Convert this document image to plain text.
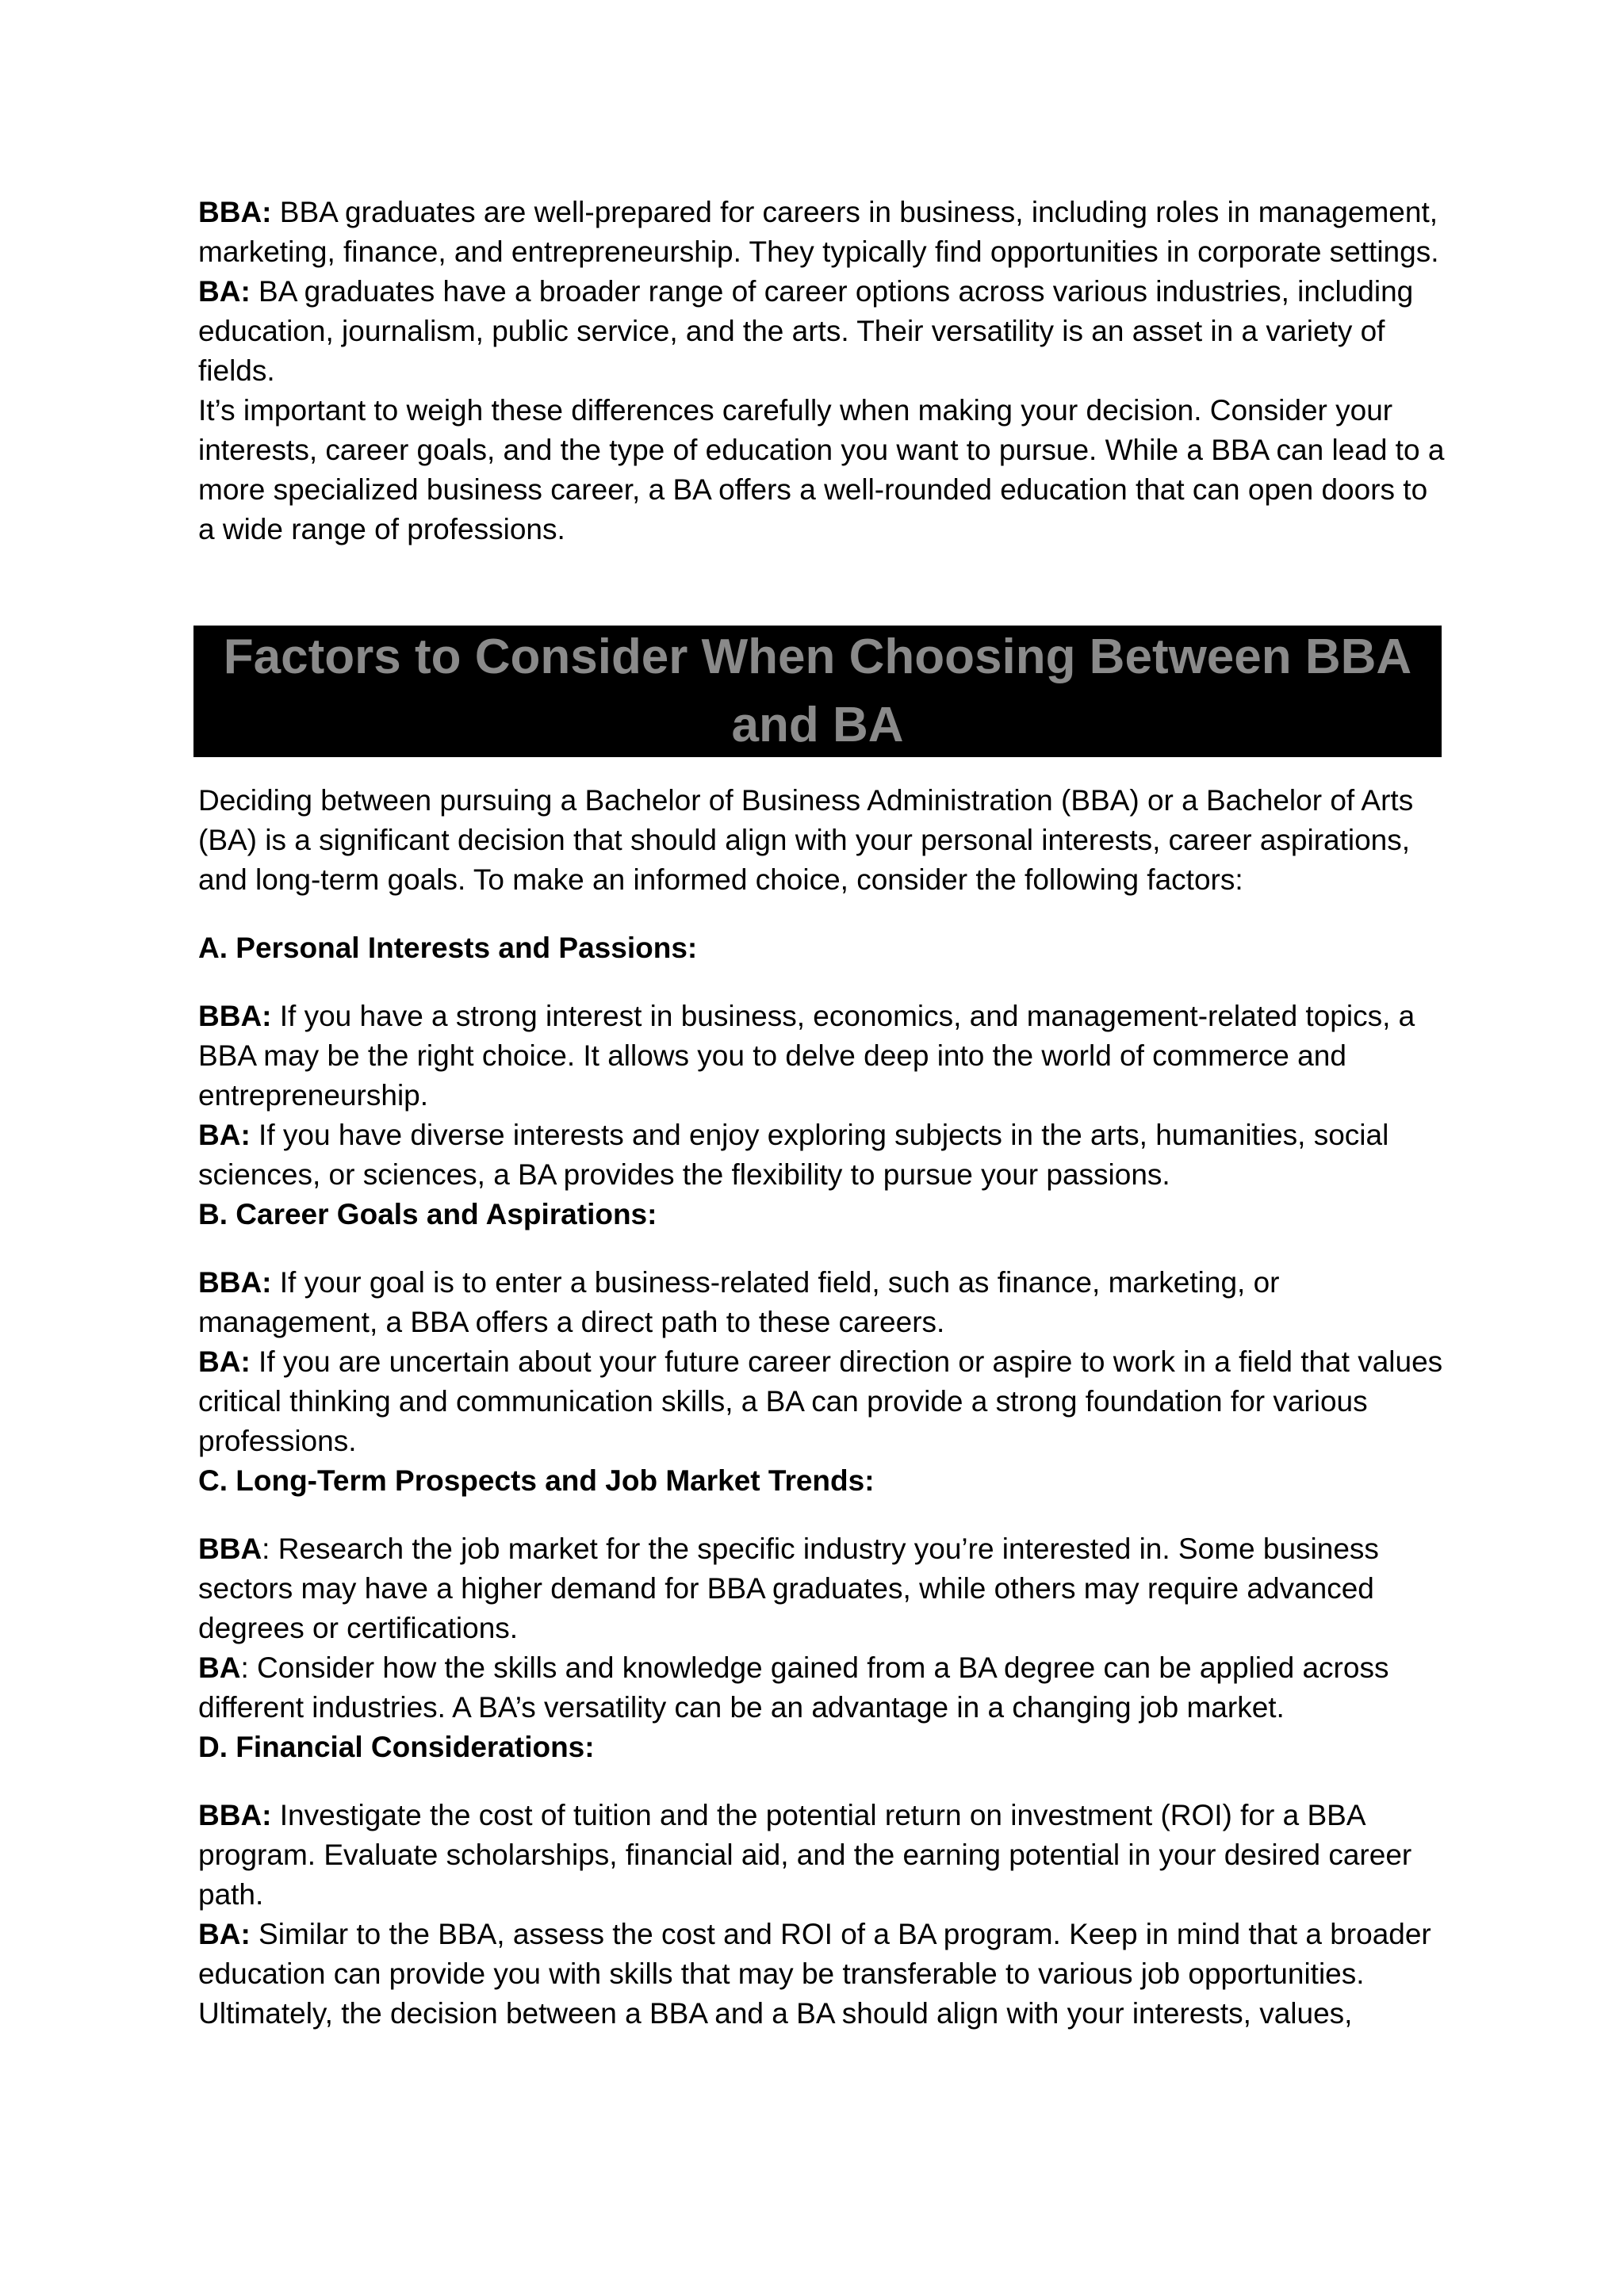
BBA: BBA graduates are well-prepared for careers in business, including roles in management, marketing, finance, and entrepreneurship. They typically find opportunities in corporate settings.

BA: BA graduates have a broader range of career options across various industries, including education, journalism, public service, and the arts. Their versatility is an asset in a variety of fields.

It’s important to weigh these differences carefully when making your decision. Consider your interests, career goals, and the type of education you want to pursue. While a BBA can lead to a more specialized business career, a BA offers a well-rounded education that can open doors to a wide range of professions.

Factors to Consider When Choosing Between BBA and BA

Deciding between pursuing a Bachelor of Business Administration (BBA) or a Bachelor of Arts (BA) is a significant decision that should align with your personal interests, career aspirations, and long-term goals. To make an informed choice, consider the following factors:

A. Personal Interests and Passions:

BBA: If you have a strong interest in business, economics, and management-related topics, a BBA may be the right choice. It allows you to delve deep into the world of commerce and entrepreneurship.

BA: If you have diverse interests and enjoy exploring subjects in the arts, humanities, social sciences, or sciences, a BA provides the flexibility to pursue your passions.

B. Career Goals and Aspirations:

BBA: If your goal is to enter a business-related field, such as finance, marketing, or management, a BBA offers a direct path to these careers.

BA: If you are uncertain about your future career direction or aspire to work in a field that values critical thinking and communication skills, a BA can provide a strong foundation for various professions.

C. Long-Term Prospects and Job Market Trends:

BBA: Research the job market for the specific industry you’re interested in. Some business sectors may have a higher demand for BBA graduates, while others may require advanced degrees or certifications.

BA: Consider how the skills and knowledge gained from a BA degree can be applied across different industries. A BA’s versatility can be an advantage in a changing job market.

D. Financial Considerations:

BBA: Investigate the cost of tuition and the potential return on investment (ROI) for a BBA program. Evaluate scholarships, financial aid, and the earning potential in your desired career path.

BA: Similar to the BBA, assess the cost and ROI of a BA program. Keep in mind that a broader education can provide you with skills that may be transferable to various job opportunities.

Ultimately, the decision between a BBA and a BA should align with your interests, values,
